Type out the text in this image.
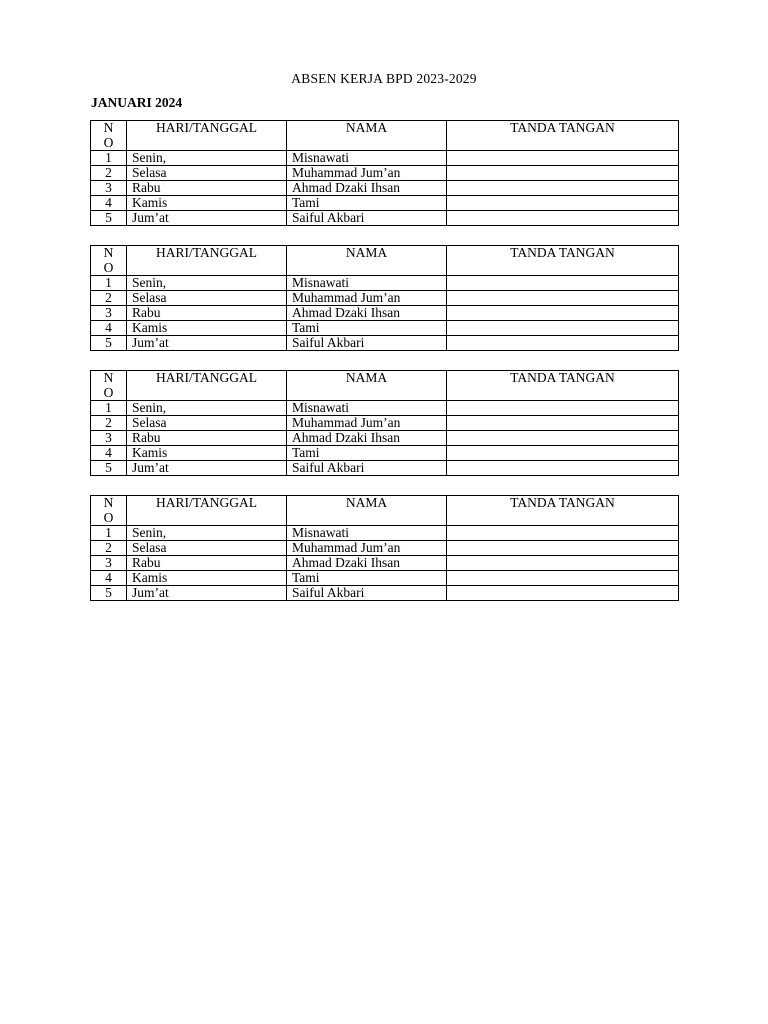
ABSEN KERJA BPD 2023-2029
JANUARI 2024
NO	HARI/TANGGAL	NAMA	TANDA TANGAN
1	Senin,	Misnawati	
2	Selasa	Muhammad Jum’an	
3	Rabu	Ahmad Dzaki Ihsan	
4	Kamis	Tami	
5	Jum’at	Saiful Akbari	
NO	HARI/TANGGAL	NAMA	TANDA TANGAN
1	Senin,	Misnawati	
2	Selasa	Muhammad Jum’an	
3	Rabu	Ahmad Dzaki Ihsan	
4	Kamis	Tami	
5	Jum’at	Saiful Akbari	
NO	HARI/TANGGAL	NAMA	TANDA TANGAN
1	Senin,	Misnawati	
2	Selasa	Muhammad Jum’an	
3	Rabu	Ahmad Dzaki Ihsan	
4	Kamis	Tami	
5	Jum’at	Saiful Akbari	
NO	HARI/TANGGAL	NAMA	TANDA TANGAN
1	Senin,	Misnawati	
2	Selasa	Muhammad Jum’an	
3	Rabu	Ahmad Dzaki Ihsan	
4	Kamis	Tami	
5	Jum’at	Saiful Akbari	
